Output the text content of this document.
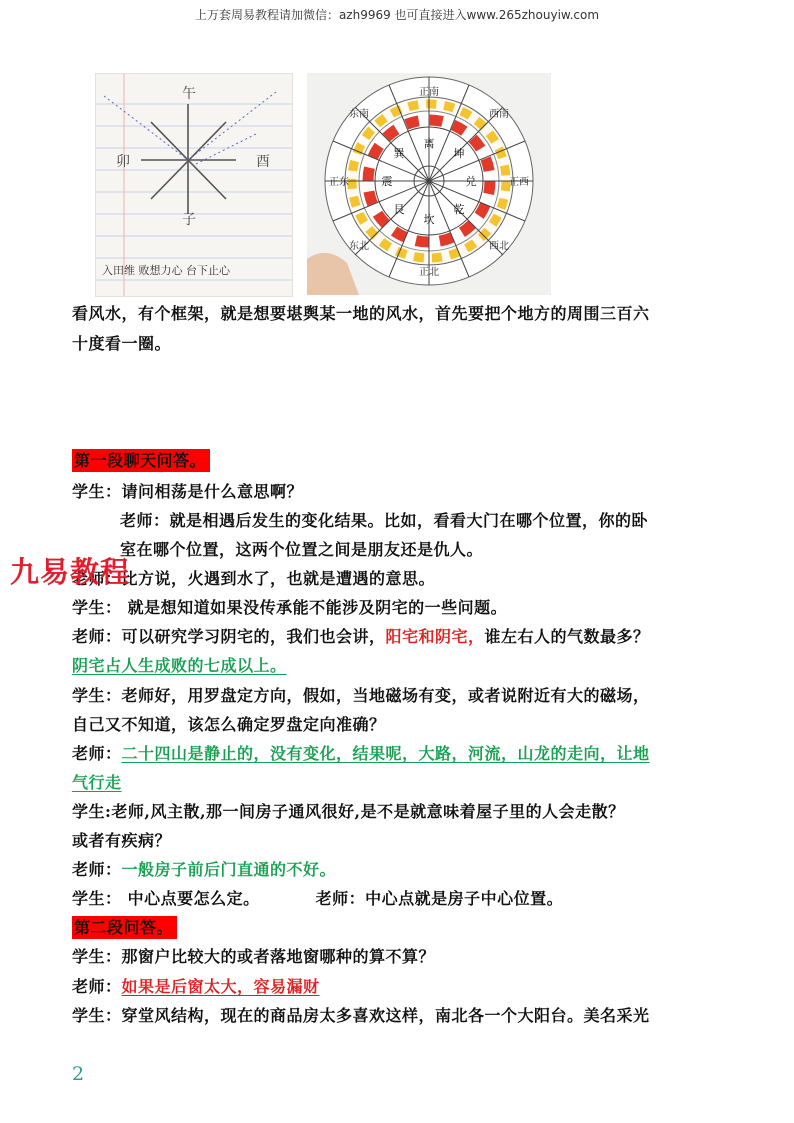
上万套周易教程请加微信：azh9969 也可直接进入www.265zhouyiw.com
卯
子
午
酉
入田维 败想力心 台下止心	正北
正南
正东	正西
东北	西北
东南	西南
坎
艮
震
巽
离
坤
兑
乾
看风水，有个框架，就是想要堪舆某一地的风水，首先要把个地方的周围三百六
十度看一圈。
第一段聊天问答。
学生：请问相荡是什么意思啊？
老师：就是相遇后发生的变化结果。比如，看看大门在哪个位置，你的卧
室在哪个位置，这两个位置之间是朋友还是仇人。
老师：比方说，火遇到水了，也就是遭遇的意思。
学生： 就是想知道如果没传承能不能涉及阴宅的一些问题。
老师：可以研究学习阴宅的，我们也会讲，阳宅和阴宅，谁左右人的气数最多？
阴宅占人生成败的七成以上。
学生：老师好，用罗盘定方向，假如，当地磁场有变，或者说附近有大的磁场，
自己又不知道，该怎么确定罗盘定向准确？
老师：二十四山是静止的，没有变化，结果呢，大路，河流，山龙的走向，让地
气行走
学生:老师,风主散,那一间房子通风很好,是不是就意味着屋子里的人会走散？
或者有疾病？
老师：一般房子前后门直通的不好。
学生： 中心点要怎么定。	老师：中心点就是房子中心位置。
第二段问答。
学生：那窗户比较大的或者落地窗哪种的算不算？
老师：如果是后窗太大，容易漏财
学生：穿堂风结构，现在的商品房太多喜欢这样，南北各一个大阳台。美名采光
九易教程
2
